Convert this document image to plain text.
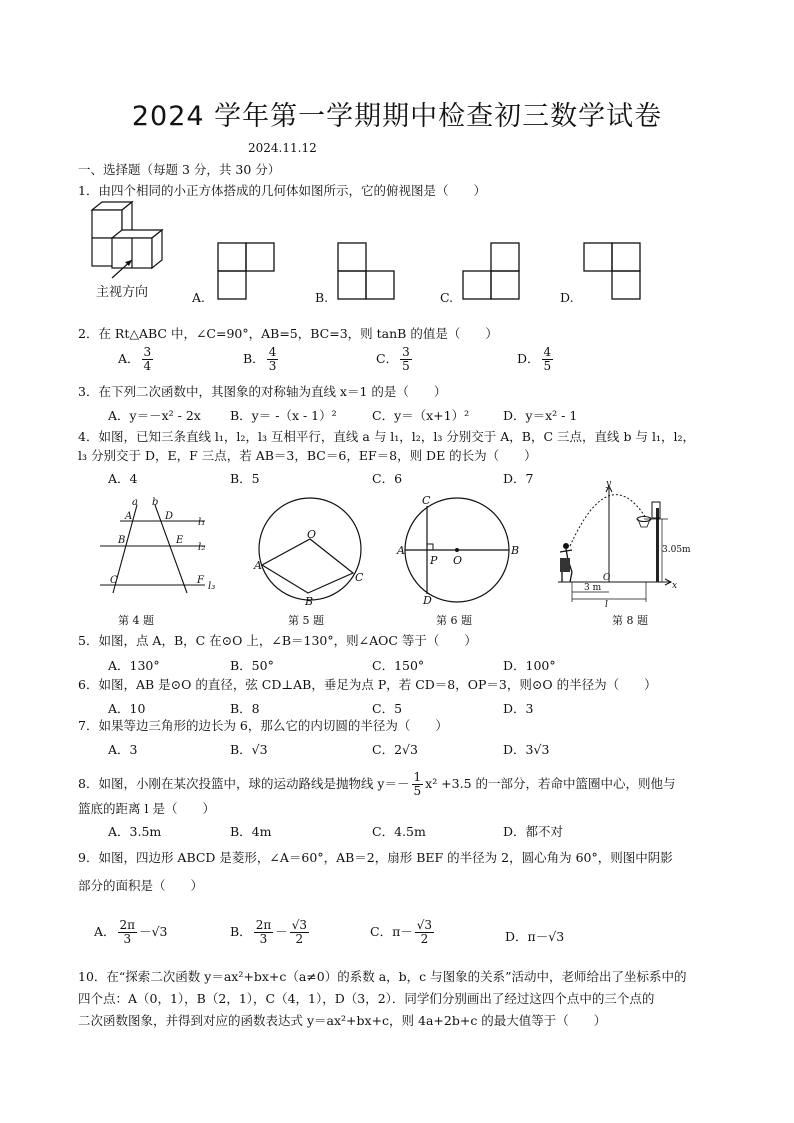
2024 学年第一学期期中检查初三数学试卷
2024.11.12
一、选择题（每题 3 分，共 30 分）
1．由四个相同的小正方体搭成的几何体如图所示，它的俯视图是（　　）
主视方向	A.	B.	C.	D.
2．在 Rt△ABC 中，∠C=90°，AB=5，BC=3，则 tanB 的值是（　　）
A． $\frac{3}{4}$	B． $\frac{4}{3}$	C． $\frac{3}{5}$	D． $\frac{4}{5}$
3．在下列二次函数中，其图象的对称轴为直线 x＝1 的是（　　）
A．y＝－x² - 2x B．y＝ -（x - 1）²	C．y＝（x+1）²	D．y＝x² - 1
4．如图，已知三条直线 l₁，l₂，l₃ 互相平行，直线 a 与 l₁，l₂，l₃ 分别交于 A，B，C 三点，直线 b 与 l₁，l₂，
l₃ 分别交于 D，E，F 三点，若 AB＝3，BC＝6，EF＝8，则 DE 的长为（　　）
A．4	B．5	C．6	D．7
a b
A
B
C
D
E
F
l₁
l₂
l₃
第 4 题
O
A
B
C
第 5 题
C
A
P O
B
D
第 6 题
y
x
3.05m
3 m
O
l
第 8 题
5．如图，点 A，B，C 在⊙O 上，∠B＝130°，则∠AOC 等于（　　）
A．130°	B．50°	C．150°	D．100°
6．如图，AB 是⊙O 的直径，弦 CD⊥AB，垂足为点 P，若 CD＝8，OP＝3，则⊙O 的半径为（　　）
A．10	B．8	C．5	D．3
7．如果等边三角形的边长为 6，那么它的内切圆的半径为（　　）
A．3	B．√3	C．2√3	D．3√3
8．如图，小刚在某次投篮中，球的运动路线是抛物线 $y=- \frac{1}{5} x^2 +3.5$ 的一部分，若命中篮圈中心，则他与
篮底的距离 l 是（　　）
A．3.5m	B．4m	C．4.5m	D．都不对
9．如图，四边形 ABCD 是菱形，∠A＝60°，AB＝2，扇形 BEF 的半径为 2，圆心角为 60°，则图中阴影
部分的面积是（　　）
A． $\frac{2\pi}{3} -√3$	B． $\frac{2\pi}{3} - \frac{√3}{2}$	C．$\pi- \frac{√3}{2}$	D．π－√3
10．在“探索二次函数 y＝ax²+bx+c（a≠0）的系数 a，b，c 与图象的关系”活动中，老师给出了坐标系中的
四个点：A（0，1），B（2，1），C（4，1），D（3，2）．同学们分别画出了经过这四个点中的三个点的
二次函数图象，并得到对应的函数表达式 y＝ax²+bx+c，则 4a+2b+c 的最大值等于（　　）
